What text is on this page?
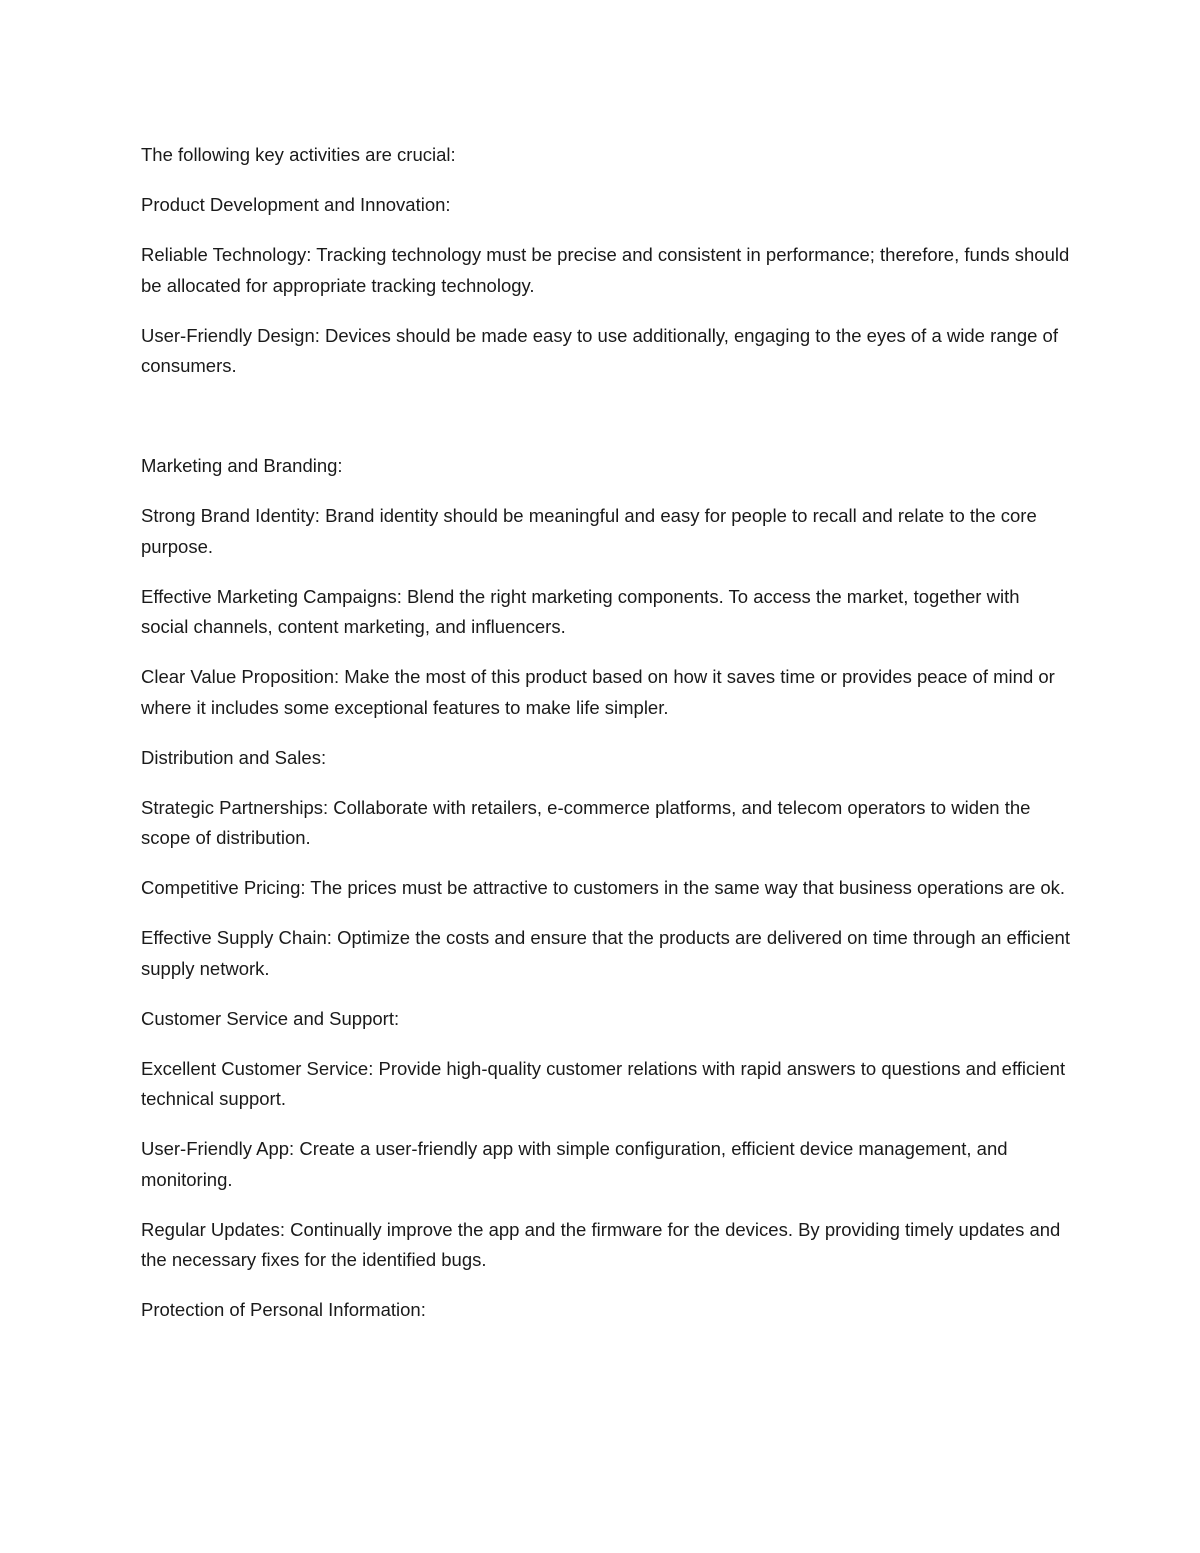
The following key activities are crucial:

Product Development and Innovation:

Reliable Technology: Tracking technology must be precise and consistent in performance; therefore, funds should be allocated for appropriate tracking technology.

User-Friendly Design: Devices should be made easy to use additionally, engaging to the eyes of a wide range of consumers.

Marketing and Branding:

Strong Brand Identity: Brand identity should be meaningful and easy for people to recall and relate to the core purpose.

Effective Marketing Campaigns: Blend the right marketing components. To access the market, together with social channels, content marketing, and influencers.

Clear Value Proposition: Make the most of this product based on how it saves time or provides peace of mind or where it includes some exceptional features to make life simpler.

Distribution and Sales:

Strategic Partnerships: Collaborate with retailers, e-commerce platforms, and telecom operators to widen the scope of distribution.

Competitive Pricing: The prices must be attractive to customers in the same way that business operations are ok.

Effective Supply Chain: Optimize the costs and ensure that the products are delivered on time through an efficient supply network.

Customer Service and Support:

Excellent Customer Service: Provide high-quality customer relations with rapid answers to questions and efficient technical support.

User-Friendly App: Create a user-friendly app with simple configuration, efficient device management, and monitoring.

Regular Updates: Continually improve the app and the firmware for the devices. By providing timely updates and the necessary fixes for the identified bugs.

Protection of Personal Information:
